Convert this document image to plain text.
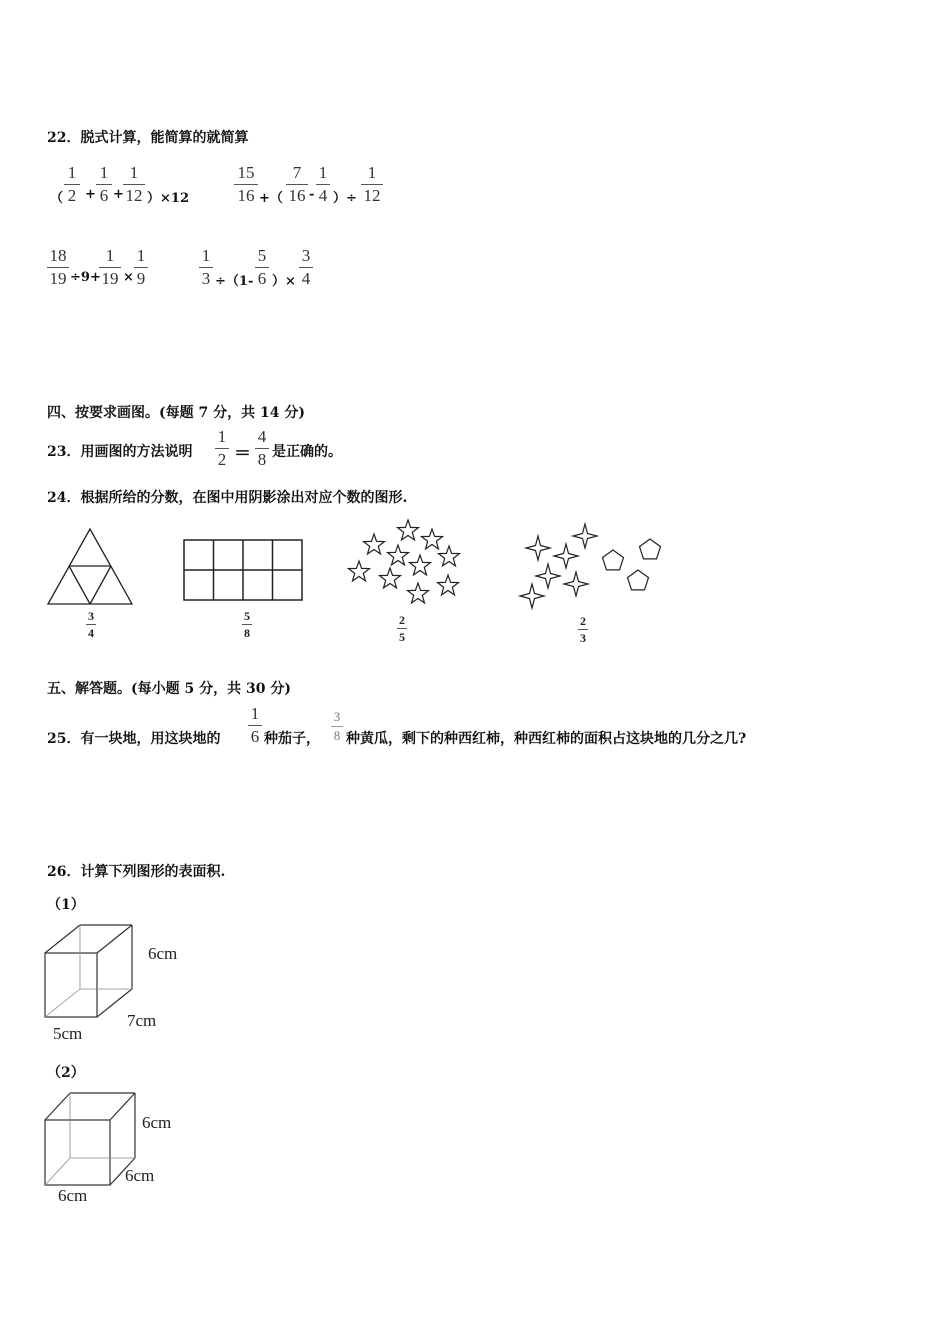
22．脱式计算，能简算的就简算
（
1
2 +
1
6 +
1
12 ）×12
15
16 +（
7
16 -
1
4 ）÷
1
12
18
19 ÷9+
1
19 ×
1
9
1
3 ÷（1-
5
6 ）×
3
4
四、按要求画图。(每题 7 分，共 14 分)
23．用画图的方法说明
1
2 ＝
4
8 是正确的。
24．根据所给的分数，在图中用阴影涂出对应个数的图形.
3
4
5
8
2
5
2
3
五、解答题。(每小题 5 分，共 30 分)
25．有一块地，用这块地的
1
6 种茄子，
3
8 种黄瓜，剩下的种西红柿，种西红柿的面积占这块地的几分之几?
26．计算下列图形的表面积.
（1）
6cm
7cm
5cm
（2）
6cm
6cm
6cm
